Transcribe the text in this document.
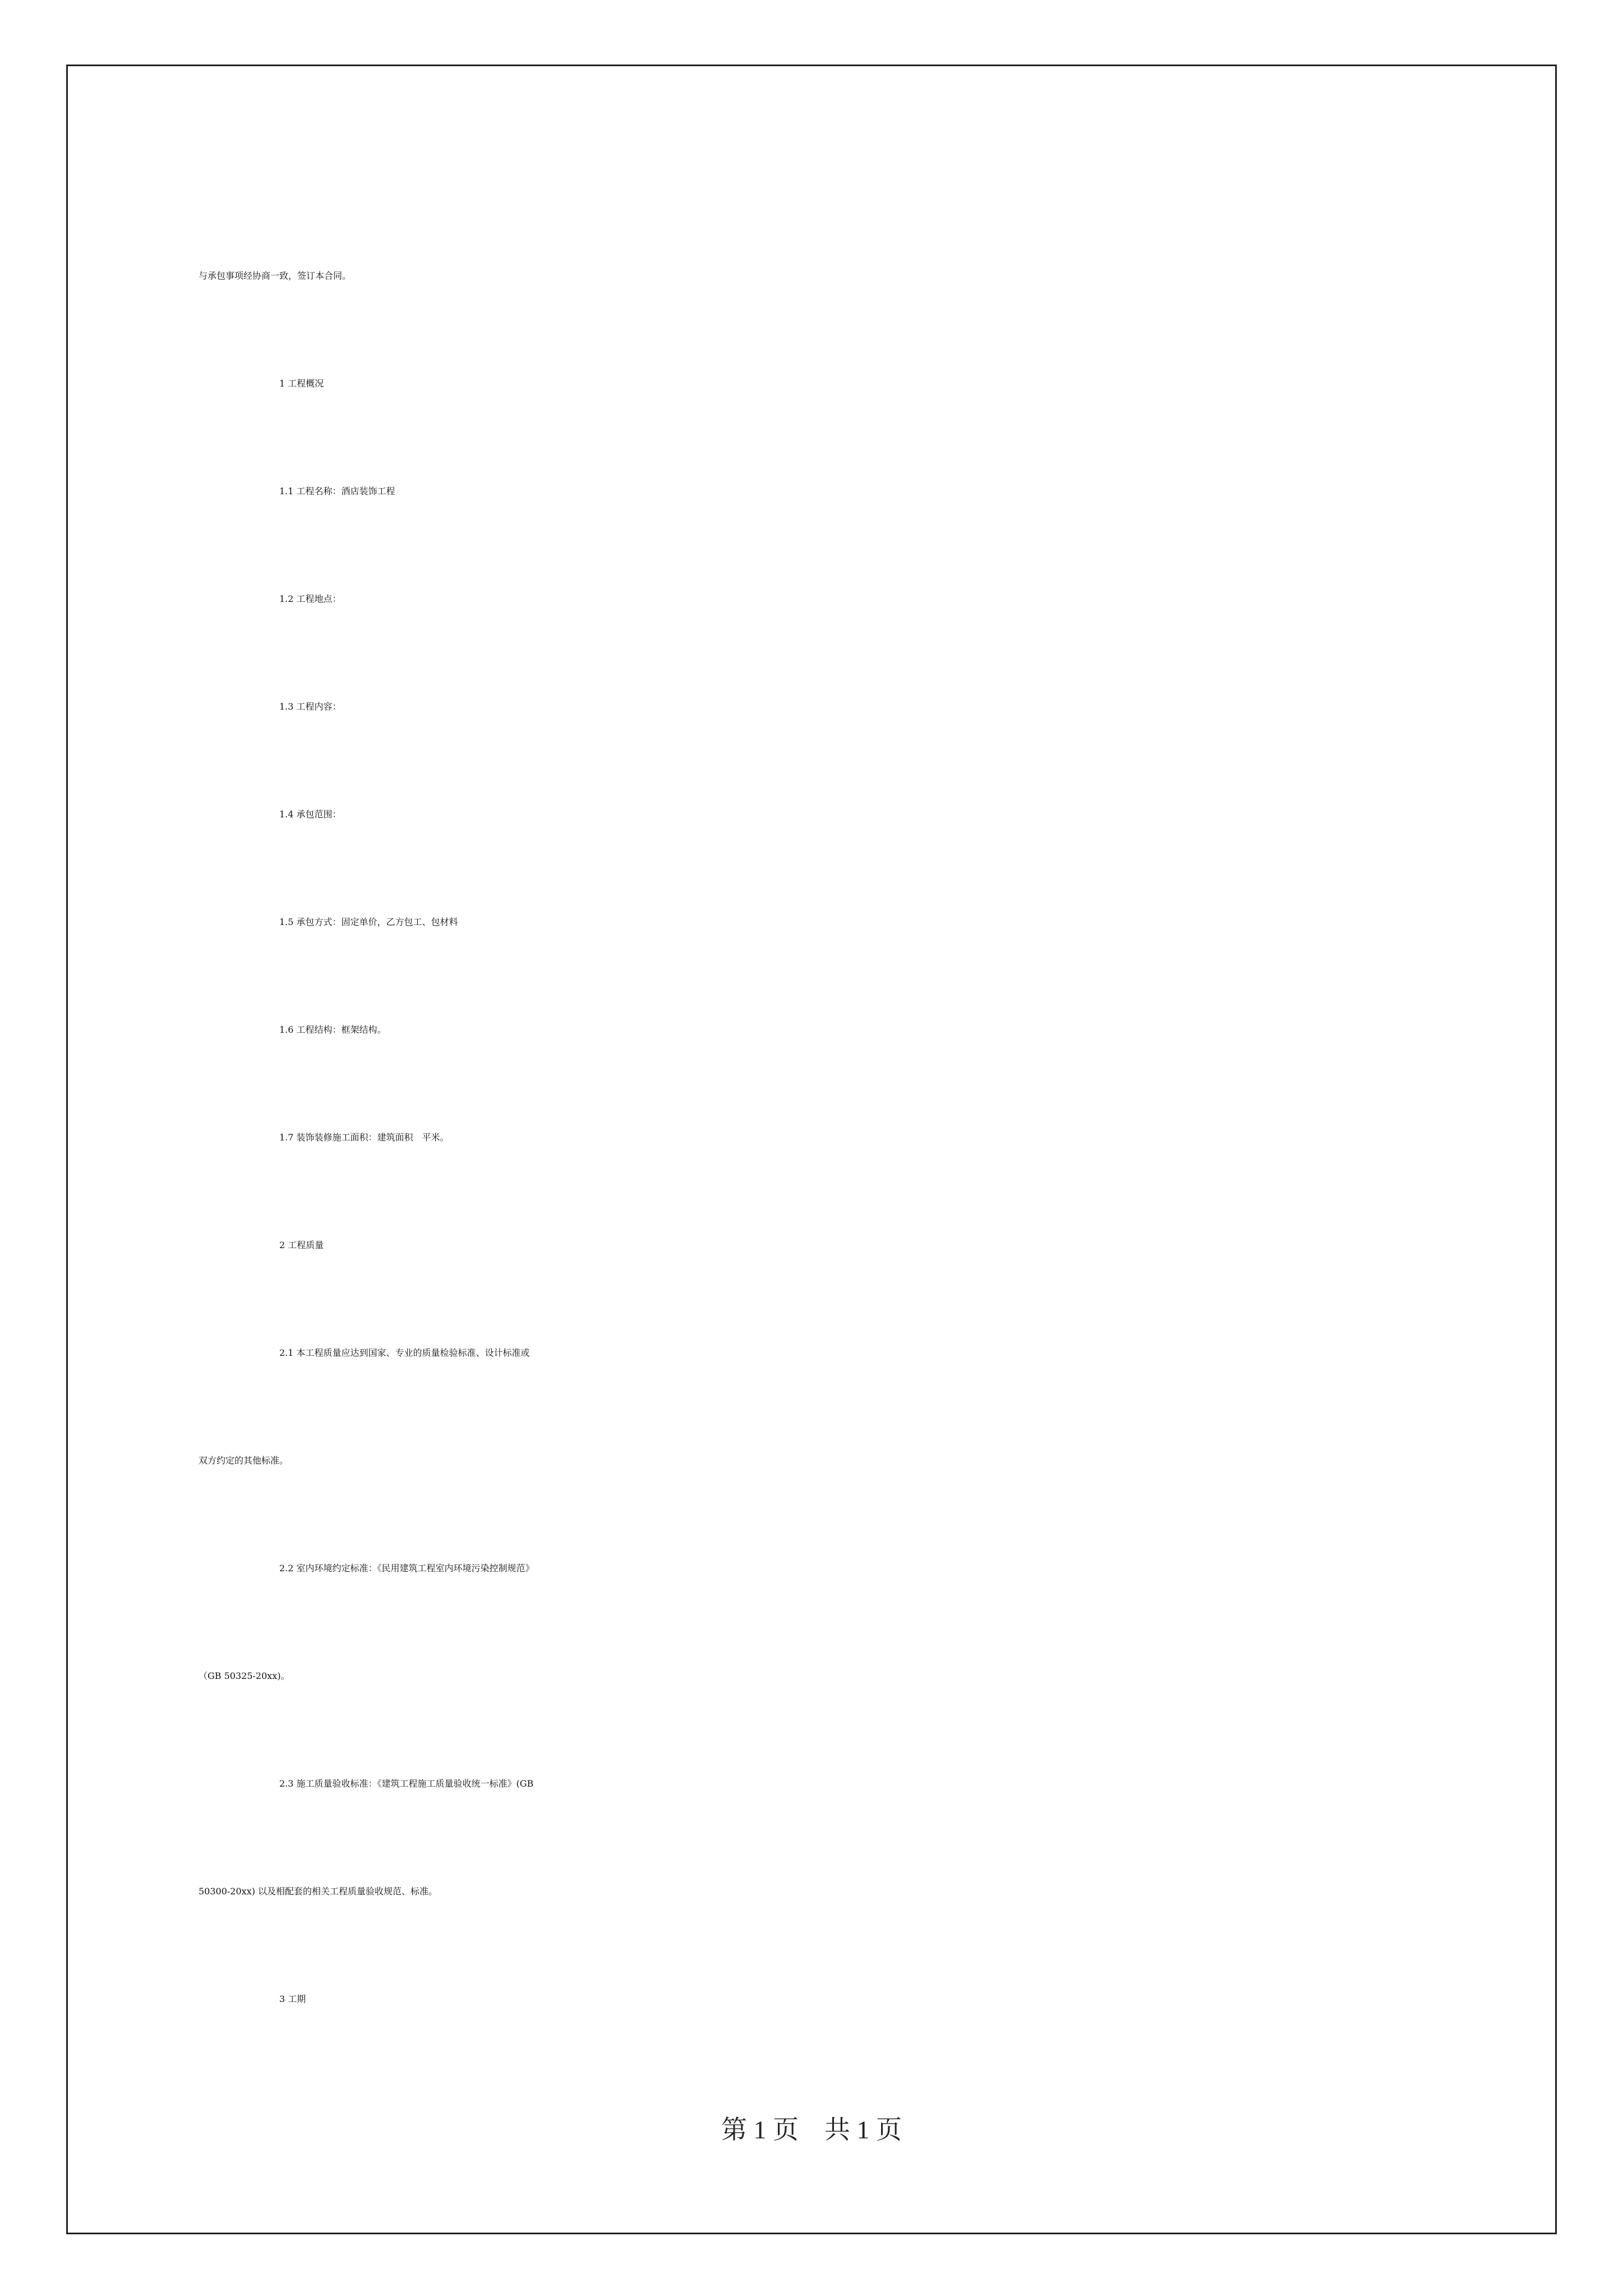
与承包事项经协商一致，签订本合同。
1 工程概况
1.1 工程名称：酒店装饰工程
1.2 工程地点：
1.3 工程内容：
1.4 承包范围：
1.5 承包方式：固定单价，乙方包工、包材料
1.6 工程结构：框架结构。
1.7 装饰装修施工面积：建筑面积　平米。
2 工程质量
2.1 本工程质量应达到国家、专业的质量检验标准、设计标准或
双方约定的其他标准。
2.2 室内环境约定标准：《民用建筑工程室内环境污染控制规范》
（GB 50325-20xx)。
2.3 施工质量验收标准：《建筑工程施工质量验收统一标准》(GB
50300-20xx) 以及相配套的相关工程质量验收规范、标准。
3 工期
第 1 页　共 1 页
